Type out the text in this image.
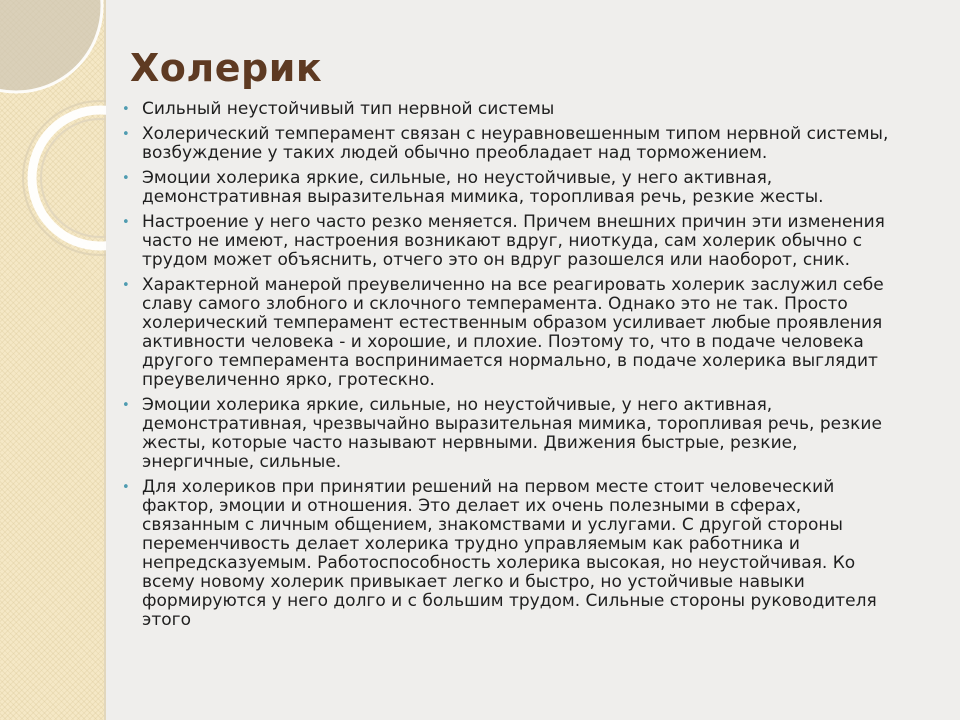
Холерик
• Сильный неустойчивый тип нервной системы
• Холерический темперамент связан с неуравновешенным типом нервной системы, возбуждение у таких людей обычно преобладает над торможением.
• Эмоции холерика яркие, сильные, но неустойчивые, у него активная, демонстративная выразительная мимика, торопливая речь, резкие жесты.
• Настроение у него часто резко меняется. Причем внешних причин эти изменения часто не имеют, настроения возникают вдруг, ниоткуда, сам холерик обычно с трудом может объяснить, отчего это он вдруг разошелся или наоборот, сник.
• Характерной манерой преувеличенно на все реагировать холерик заслужил себе славу самого злобного и склочного темперамента. Однако это не так. Просто холерический темперамент естественным образом усиливает любые проявления активности человека - и хорошие, и плохие. Поэтому то, что в подаче человека другого темперамента воспринимается нормально, в подаче холерика выглядит преувеличенно ярко, гротескно.
• Эмоции холерика яркие, сильные, но неустойчивые, у него активная, демонстративная, чрезвычайно выразительная мимика, торопливая речь, резкие жесты, которые часто называют нервными. Движения быстрые, резкие, энергичные, сильные.
• Для холериков при принятии решений на первом месте стоит человеческий фактор, эмоции и отношения. Это делает их очень полезными в сферах, связанным с личным общением, знакомствами и услугами. С другой стороны переменчивость делает холерика трудно управляемым как работника и непредсказуемым. Работоспособность холерика высокая, но неустойчивая. Ко всему новому холерик привыкает легко и быстро, но устойчивые навыки формируются у него долго и с большим трудом. Сильные стороны руководителя этого
